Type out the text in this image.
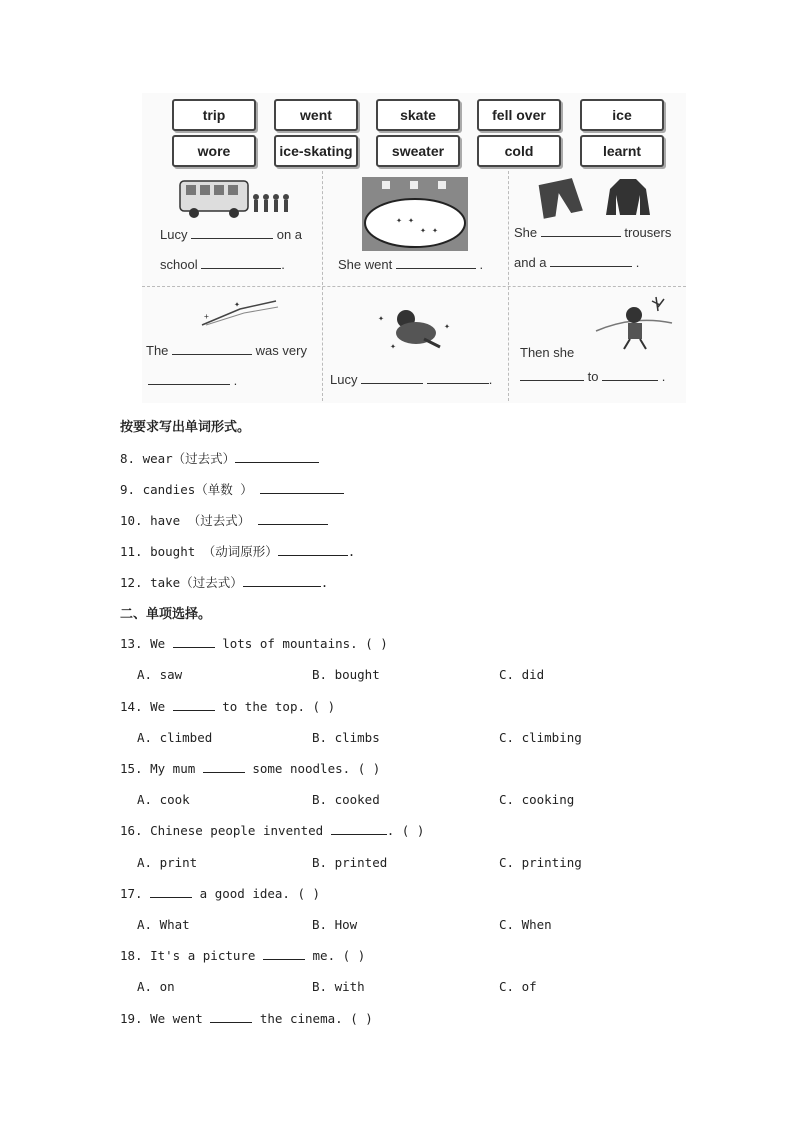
trip	went	skate	fell over	ice
wore	ice-skating	sweater	cold	learnt
Lucy	on a
school	.
✦ ✦
✦ ✦
She went	.
She	trousers
and a	.
✦
+
The	was very
.
✦
✦
✦
Lucy	.
Then she
to	.
按要求写出单词形式。
8. wear（过去式）
9. candies（单数 ）
10. have （过去式）
11. bought （动词原形）	.
12. take（过去式）	.
二、单项选择。
13. We	lots of mountains. ( )
A. saw	B. bought	C. did
14. We	to the top. ( )
A. climbed	B. climbs	C. climbing
15. My mum	some noodles. ( )
A. cook	B. cooked	C. cooking
16. Chinese people invented	. ( )
A. print	B. printed	C. printing
17.	a good idea. ( )
A. What	B. How	C. When
18. It's a picture	me. ( )
A. on	B. with	C. of
19. We went	the cinema. ( )
